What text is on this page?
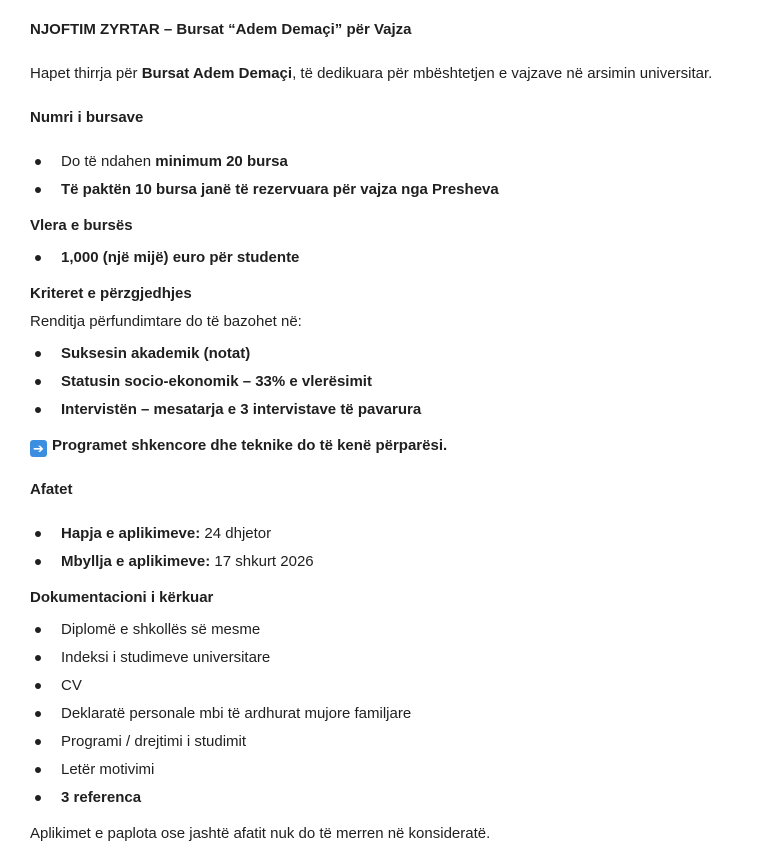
NJOFTIM ZYRTAR – Bursat “Adem Demaçi” për Vajza
Hapet thirrja për Bursat Adem Demaçi, të dedikuara për mbështetjen e vajzave në arsimin universitar.
Numri i bursave
Do të ndahen minimum 20 bursa
Të paktën 10 bursa janë të rezervuara për vajza nga Presheva
Vlera e bursës
1,000 (një mijë) euro për studente
Kriteret e përzgjedhjes
Renditja përfundimtare do të bazohet në:
Suksesin akademik (notat)
Statusin socio-ekonomik – 33% e vlerësimit
Intervistën – mesatarja e 3 intervistave të pavarura
➔ Programet shkencore dhe teknike do të kenë përparësi.
Afatet
Hapja e aplikimeve: 24 dhjetor
Mbyllja e aplikimeve: 17 shkurt 2026
Dokumentacioni i kërkuar
Diplomë e shkollës së mesme
Indeksi i studimeve universitare
CV
Deklaratë personale mbi të ardhurat mujore familjare
Programi / drejtimi i studimit
Letër motivimi
3 referenca
Aplikimet e paplota ose jashtë afatit nuk do të merren në konsideratë.
